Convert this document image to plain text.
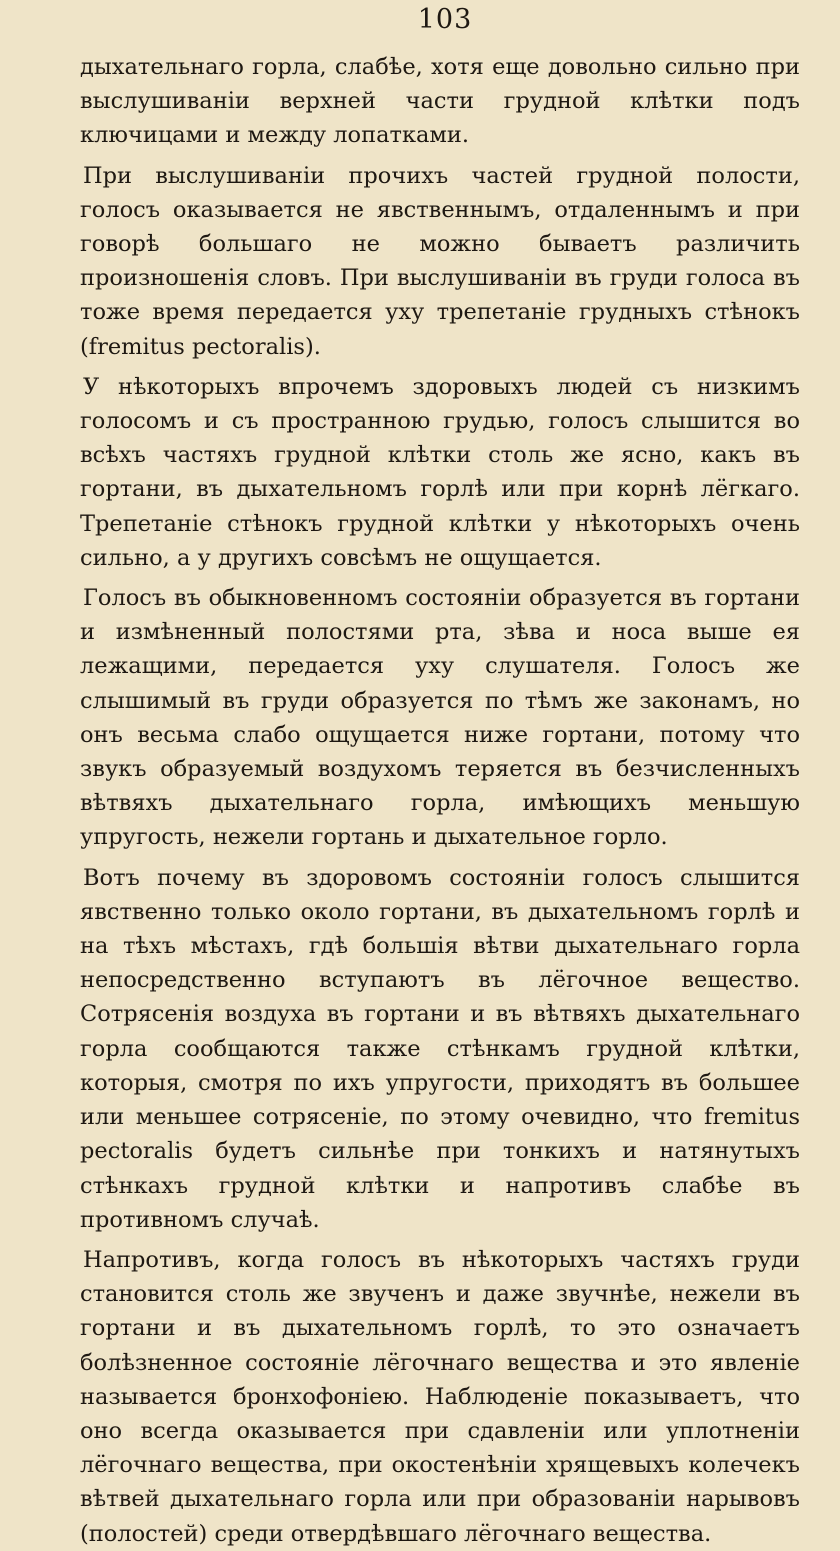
103

дыхательнаго горла, слабѣе, хотя еще довольно сильно при выслушиваніи верхней части грудной клѣтки подъ ключицами и между лопатками.

При выслушиваніи прочихъ частей грудной полости, голосъ оказывается не явственнымъ, отдаленнымъ и при говорѣ большаго не можно бываетъ различить произношенія словъ. При выслушиваніи въ груди голоса въ тоже время передается уху трепетаніе грудныхъ стѣнокъ (fremitus pectoralis).

У нѣкоторыхъ впрочемъ здоровыхъ людей съ низкимъ голосомъ и съ пространною грудью, голосъ слышится во всѣхъ частяхъ грудной клѣтки столь же ясно, какъ въ гортани, въ дыхательномъ горлѣ или при корнѣ лёгкаго. Трепетаніе стѣнокъ грудной клѣтки у нѣкоторыхъ очень сильно, а у другихъ совсѣмъ не ощущается.

Голосъ въ обыкновенномъ состояніи образуется въ гортани и измѣненный полостями рта, зѣва и носа выше ея лежащими, передается уху слушателя. Голосъ же слышимый въ груди образуется по тѣмъ же законамъ, но онъ весьма слабо ощущается ниже гортани, потому что звукъ образуемый воздухомъ теряется въ безчисленныхъ вѣтвяхъ дыхательнаго горла, имѣющихъ меньшую упругость, нежели гортань и дыхательное горло.

Вотъ почему въ здоровомъ состояніи голосъ слышится явственно только около гортани, въ дыхательномъ горлѣ и на тѣхъ мѣстахъ, гдѣ большія вѣтви дыхательнаго горла непосредственно вступаютъ въ лёгочное вещество. Сотрясенія воздуха въ гортани и въ вѣтвяхъ дыхательнаго горла сообщаются также стѣнкамъ грудной клѣтки, которыя, смотря по ихъ упругости, приходятъ въ большее или меньшее сотрясеніе, по этому очевидно, что fremitus pectoralis будетъ сильнѣе при тонкихъ и натянутыхъ стѣнкахъ грудной клѣтки и напротивъ слабѣе въ противномъ случаѣ.

Напротивъ, когда голосъ въ нѣкоторыхъ частяхъ груди становится столь же звученъ и даже звучнѣе, нежели въ гортани и въ дыхательномъ горлѣ, то это означаетъ болѣзненное состояніе лёгочнаго вещества и это явленіе называется бронхофоніею. Наблюденіе показываетъ, что оно всегда оказывается при сдавленіи или уплотненіи лёгочнаго вещества, при окостенѣніи хрящевыхъ колечекъ вѣтвей дыхательнаго горла или при образованіи нарывовъ (полостей) среди отвердѣвшаго лёгочнаго вещества.
